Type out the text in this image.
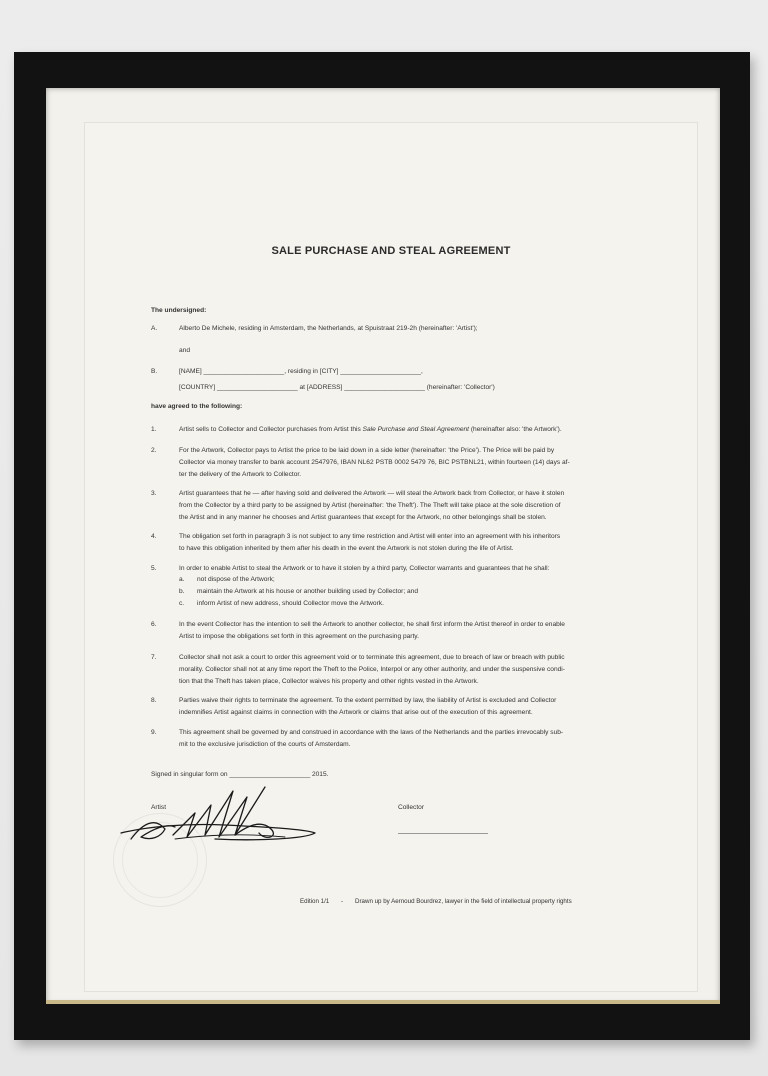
SALE PURCHASE AND STEAL AGREEMENT
The undersigned:
A.	Alberto De Michele, residing in Amsterdam, the Netherlands, at Spuistraat 219-2h (hereinafter: 'Artist');
and
B.	[NAME] ______________________, residing in [CITY] ______________________,
[COUNTRY] ______________________ at [ADDRESS] ______________________ (hereinafter: 'Collector')
have agreed to the following:
1.	Artist sells to Collector and Collector purchases from Artist this Sale Purchase and Steal Agreement (hereinafter also: 'the Artwork').
2.	For the Artwork, Collector pays to Artist the price to be laid down in a side letter (hereinafter: 'the Price'). The Price will be paid by
Collector via money transfer to bank account 2547976, IBAN NL62 PSTB 0002 5479 76, BIC PSTBNL21, within fourteen (14) days af-
ter the delivery of the Artwork to Collector.
3.	Artist guarantees that he — after having sold and delivered the Artwork — will steal the Artwork back from Collector, or have it stolen
from the Collector by a third party to be assigned by Artist (hereinafter: 'the Theft'). The Theft will take place at the sole discretion of
the Artist and in any manner he chooses and Artist guarantees that except for the Artwork, no other belongings shall be stolen.
4.	The obligation set forth in paragraph 3 is not subject to any time restriction and Artist will enter into an agreement with his inheritors
to have this obligation inherited by them after his death in the event the Artwork is not stolen during the life of Artist.
5.	In order to enable Artist to steal the Artwork or to have it stolen by a third party, Collector warrants and guarantees that he shall:
a. not dispose of the Artwork;
b. maintain the Artwork at his house or another building used by Collector; and
c. inform Artist of new address, should Collector move the Artwork.
6.	In the event Collector has the intention to sell the Artwork to another collector, he shall first inform the Artist thereof in order to enable
Artist to impose the obligations set forth in this agreement on the purchasing party.
7.	Collector shall not ask a court to order this agreement void or to terminate this agreement, due to breach of law or breach with public
morality. Collector shall not at any time report the Theft to the Police, Interpol or any other authority, and under the suspensive condi-
tion that the Theft has taken place, Collector waives his property and other rights vested in the Artwork.
8.	Parties waive their rights to terminate the agreement. To the extent permitted by law, the liability of Artist is excluded and Collector
indemnifies Artist against claims in connection with the Artwork or claims that arise out of the execution of this agreement.
9.	This agreement shall be governed by and construed in accordance with the laws of the Netherlands and the parties irrevocably sub-
mit to the exclusive jurisdiction of the courts of Amsterdam.
Signed in singular form on ______________________ 2015.
Artist	Collector
Edition 1/1 - Drawn up by Aernoud Bourdrez, lawyer in the field of intellectual property rights
